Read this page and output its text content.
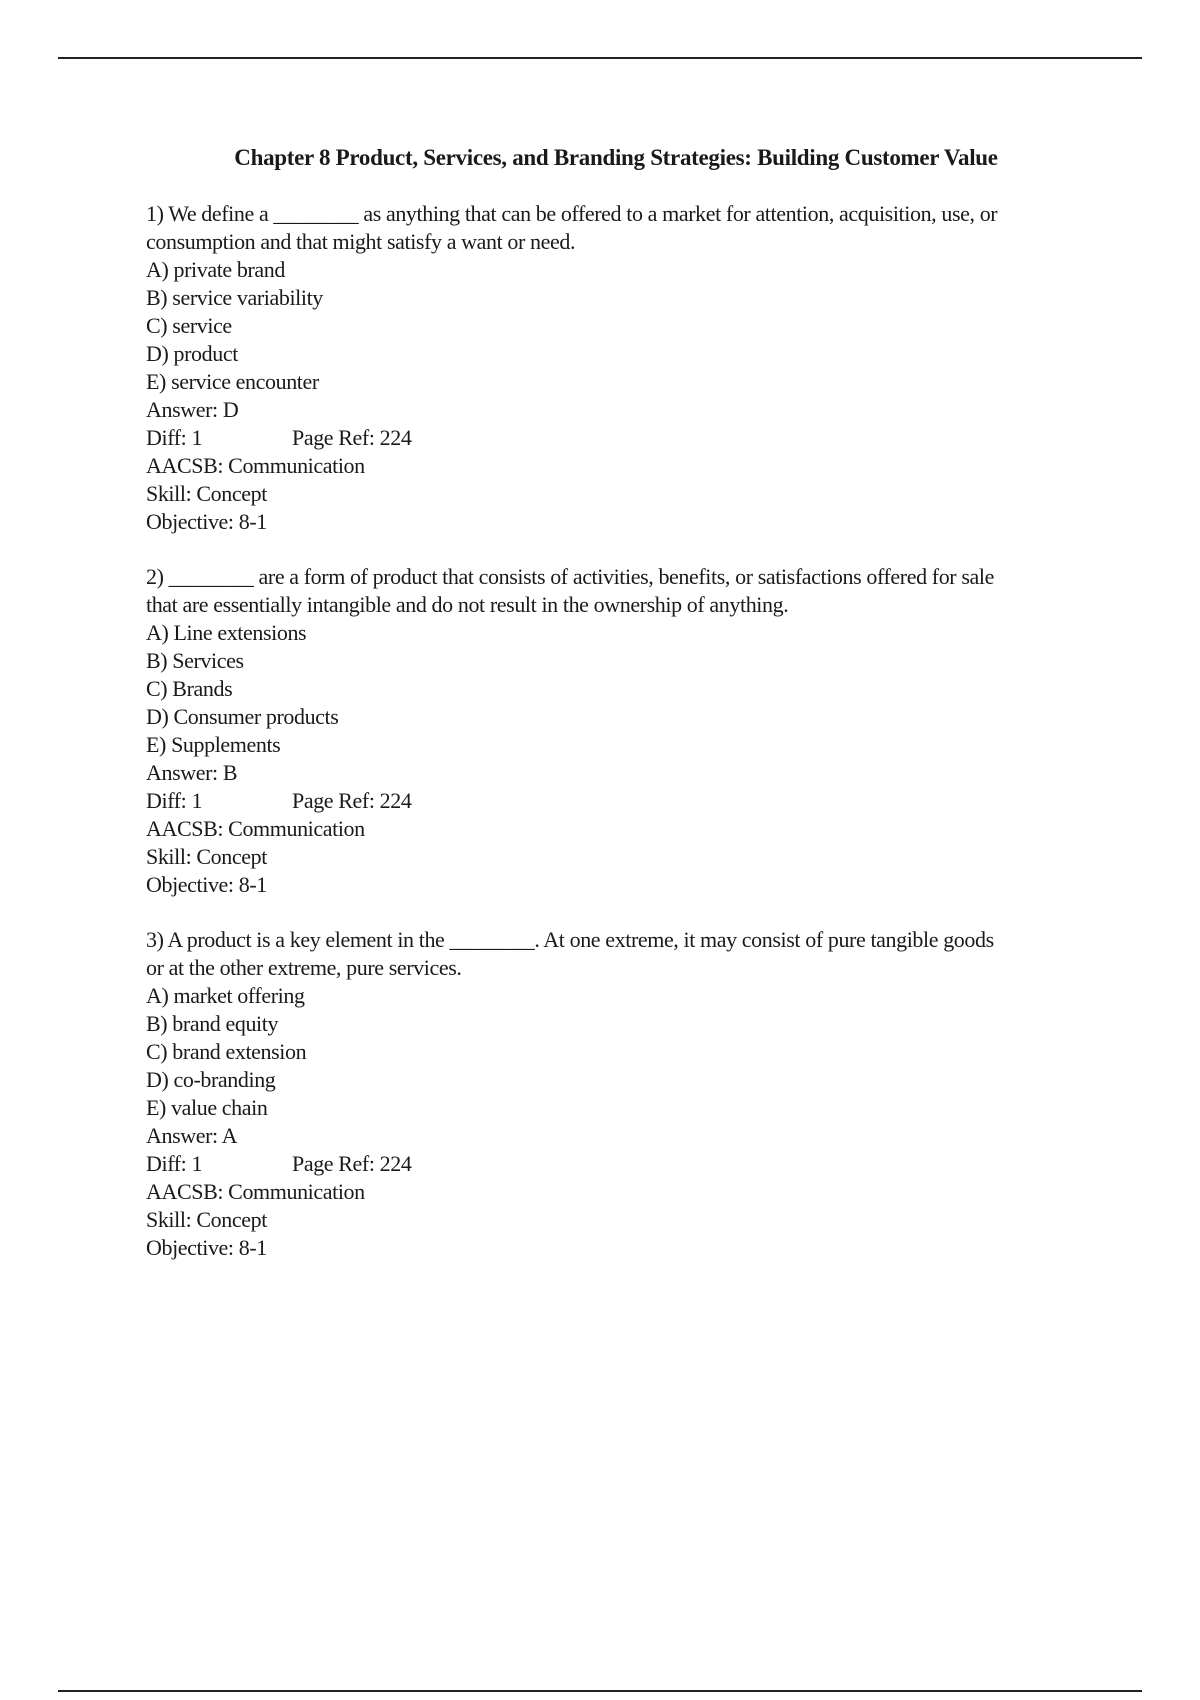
Chapter 8 Product, Services, and Branding Strategies: Building Customer Value
1) We define a ________ as anything that can be offered to a market for attention, acquisition, use, or
consumption and that might satisfy a want or need.
A) private brand
B) service variability
C) service
D) product
E) service encounter
Answer: D
Diff: 1	Page Ref: 224
AACSB: Communication
Skill: Concept
Objective: 8-1
2) ________ are a form of product that consists of activities, benefits, or satisfactions offered for sale
that are essentially intangible and do not result in the ownership of anything.
A) Line extensions
B) Services
C) Brands
D) Consumer products
E) Supplements
Answer: B
Diff: 1	Page Ref: 224
AACSB: Communication
Skill: Concept
Objective: 8-1
3) A product is a key element in the ________. At one extreme, it may consist of pure tangible goods
or at the other extreme, pure services.
A) market offering
B) brand equity
C) brand extension
D) co-branding
E) value chain
Answer: A
Diff: 1	Page Ref: 224
AACSB: Communication
Skill: Concept
Objective: 8-1
